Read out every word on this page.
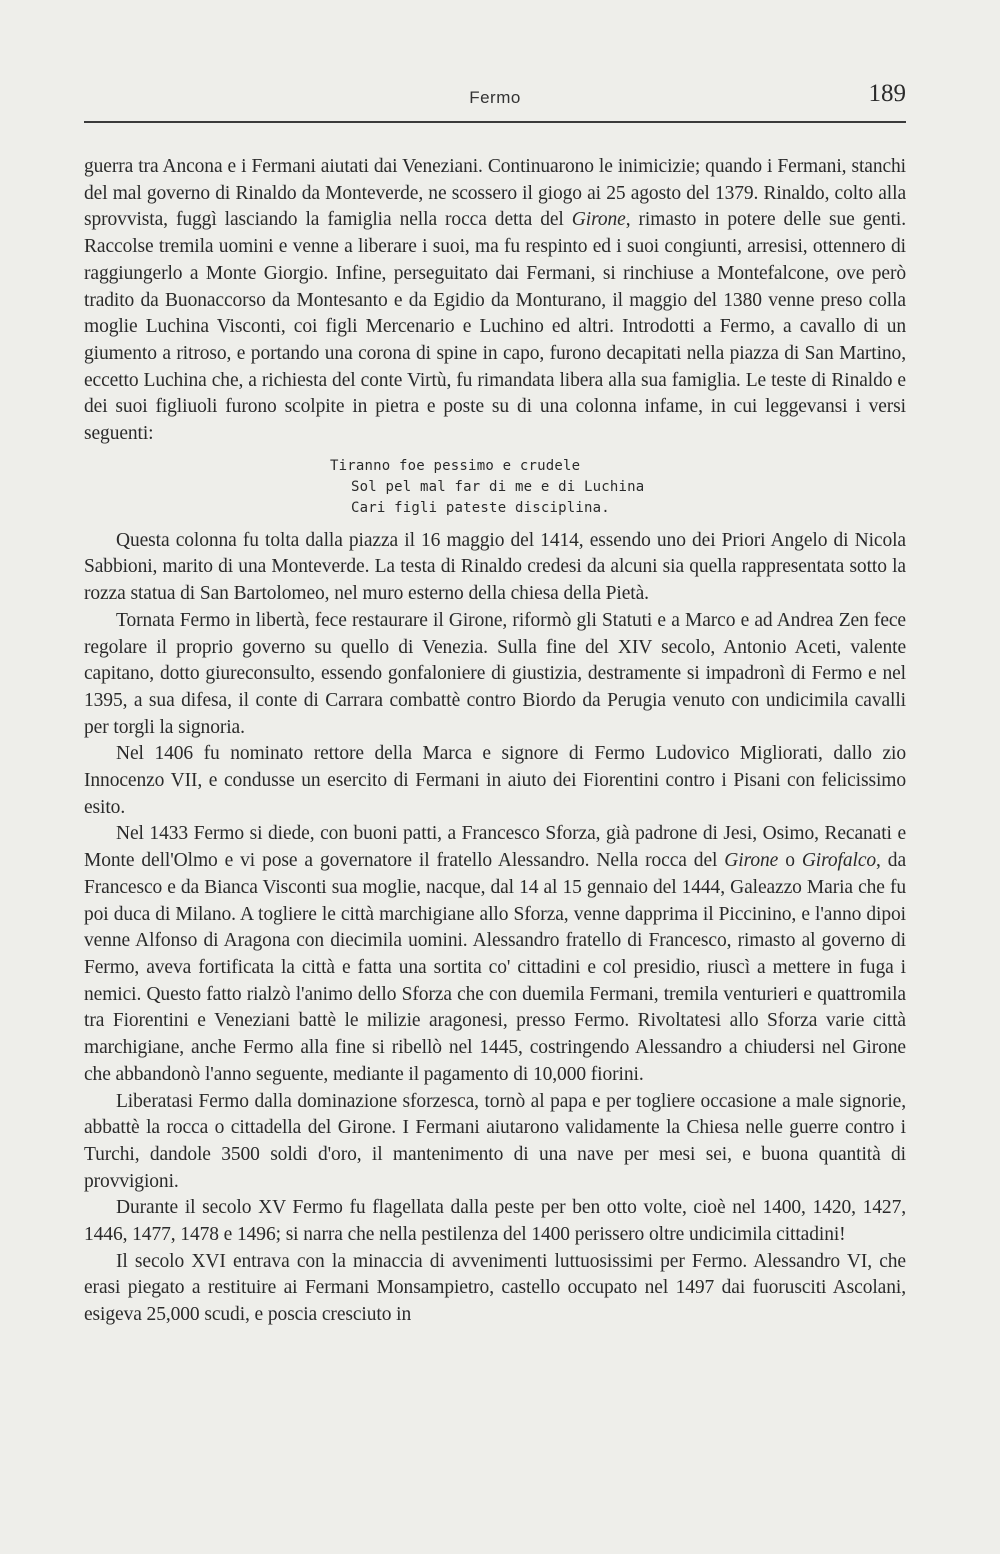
Fermo	189

guerra tra Ancona e i Fermani aiutati dai Veneziani. Continuarono le inimicizie; quando i Fermani, stanchi del mal governo di Rinaldo da Monteverde, ne scossero il giogo ai 25 agosto del 1379. Rinaldo, colto alla sprovvista, fuggì lasciando la famiglia nella rocca detta del Girone, rimasto in potere delle sue genti. Raccolse tremila uomini e venne a liberare i suoi, ma fu respinto ed i suoi congiunti, arresisi, ottennero di raggiungerlo a Monte Giorgio. Infine, perseguitato dai Fermani, si rinchiuse a Montefalcone, ove però tradito da Buonaccorso da Montesanto e da Egidio da Monturano, il maggio del 1380 venne preso colla moglie Luchina Visconti, coi figli Mercenario e Luchino ed altri. Introdotti a Fermo, a cavallo di un giumento a ritroso, e portando una corona di spine in capo, furono decapitati nella piazza di San Martino, eccetto Luchina che, a richiesta del conte Virtù, fu rimandata libera alla sua famiglia. Le teste di Rinaldo e dei suoi figliuoli furono scolpite in pietra e poste su di una colonna infame, in cui leggevansi i versi seguenti:

Tiranno foe pessimo e crudele
Sol pel mal far di me e di Luchina
Cari figli pateste disciplina.

Questa colonna fu tolta dalla piazza il 16 maggio del 1414, essendo uno dei Priori Angelo di Nicola Sabbioni, marito di una Monteverde. La testa di Rinaldo credesi da alcuni sia quella rappresentata sotto la rozza statua di San Bartolomeo, nel muro esterno della chiesa della Pietà.

Tornata Fermo in libertà, fece restaurare il Girone, riformò gli Statuti e a Marco e ad Andrea Zen fece regolare il proprio governo su quello di Venezia. Sulla fine del XIV secolo, Antonio Aceti, valente capitano, dotto giureconsulto, essendo gonfaloniere di giustizia, destramente si impadronì di Fermo e nel 1395, a sua difesa, il conte di Carrara combattè contro Biordo da Perugia venuto con undicimila cavalli per torgli la signoria.

Nel 1406 fu nominato rettore della Marca e signore di Fermo Ludovico Migliorati, dallo zio Innocenzo VII, e condusse un esercito di Fermani in aiuto dei Fiorentini contro i Pisani con felicissimo esito.

Nel 1433 Fermo si diede, con buoni patti, a Francesco Sforza, già padrone di Jesi, Osimo, Recanati e Monte dell'Olmo e vi pose a governatore il fratello Alessandro. Nella rocca del Girone o Girofalco, da Francesco e da Bianca Visconti sua moglie, nacque, dal 14 al 15 gennaio del 1444, Galeazzo Maria che fu poi duca di Milano. A togliere le città marchigiane allo Sforza, venne dapprima il Piccinino, e l'anno dipoi venne Alfonso di Aragona con diecimila uomini. Alessandro fratello di Francesco, rimasto al governo di Fermo, aveva fortificata la città e fatta una sortita co' cittadini e col presidio, riuscì a mettere in fuga i nemici. Questo fatto rialzò l'animo dello Sforza che con duemila Fermani, tremila venturieri e quattromila tra Fiorentini e Veneziani battè le milizie aragonesi, presso Fermo. Rivoltatesi allo Sforza varie città marchigiane, anche Fermo alla fine si ribellò nel 1445, costringendo Alessandro a chiudersi nel Girone che abbandonò l'anno seguente, mediante il pagamento di 10,000 fiorini.

Liberatasi Fermo dalla dominazione sforzesca, tornò al papa e per togliere occasione a male signorie, abbattè la rocca o cittadella del Girone. I Fermani aiutarono validamente la Chiesa nelle guerre contro i Turchi, dandole 3500 soldi d'oro, il mantenimento di una nave per mesi sei, e buona quantità di provvigioni.

Durante il secolo XV Fermo fu flagellata dalla peste per ben otto volte, cioè nel 1400, 1420, 1427, 1446, 1477, 1478 e 1496; si narra che nella pestilenza del 1400 perissero oltre undicimila cittadini!

Il secolo XVI entrava con la minaccia di avvenimenti luttuosissimi per Fermo. Alessandro VI, che erasi piegato a restituire ai Fermani Monsampietro, castello occupato nel 1497 dai fuorusciti Ascolani, esigeva 25,000 scudi, e poscia cresciuto in
